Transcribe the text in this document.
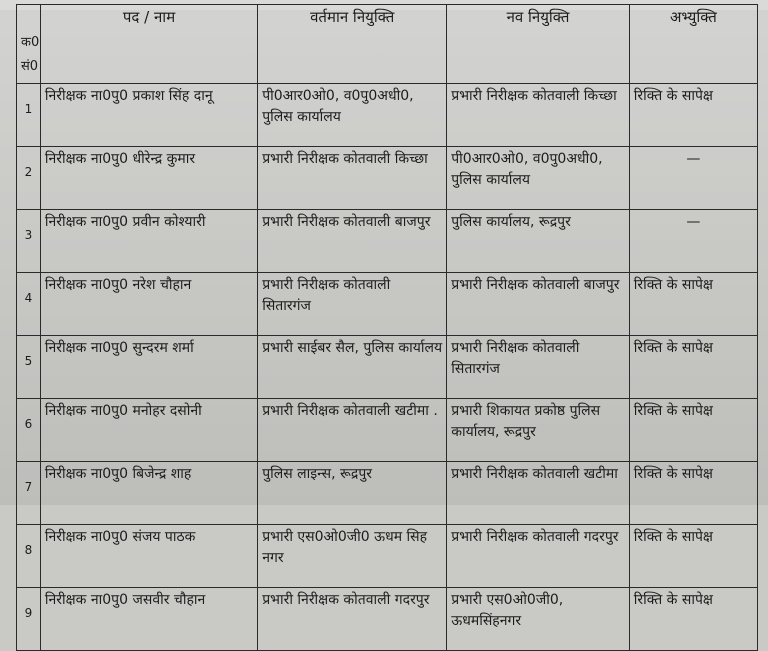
क0
सं0	पद / नाम	वर्तमान नियुक्ति	नव नियुक्ति	अभ्युक्ति
1	निरीक्षक ना0पु0 प्रकाश सिंह दानू	पी0आर0ओ0, व0पु0अधी0, पुलिस कार्यालय	प्रभारी निरीक्षक कोतवाली किच्छा	रिक्ति के सापेक्ष
2	निरीक्षक ना0पु0 धीरेन्द्र कुमार	प्रभारी निरीक्षक कोतवाली किच्छा	पी0आर0ओ0, व0पु0अधी0, पुलिस कार्यालय	—

3	निरीक्षक ना0पु0 प्रवीन कोश्यारी	प्रभारी निरीक्षक कोतवाली बाजपुर	पुलिस कार्यालय, रूद्रपुर	—

4	निरीक्षक ना0पु0 नरेश चौहान	प्रभारी निरीक्षक कोतवाली सितारगंज	प्रभारी निरीक्षक कोतवाली बाजपुर	रिक्ति के सापेक्ष
5	निरीक्षक ना0पु0 सुन्दरम शर्मा	प्रभारी साईबर सैल, पुलिस कार्यालय	प्रभारी निरीक्षक कोतवाली सितारगंज	रिक्ति के सापेक्ष
6	निरीक्षक ना0पु0 मनोहर दसोनी	प्रभारी निरीक्षक कोतवाली खटीमा .	प्रभारी शिकायत प्रकोष्ठ पुलिस कार्यालय, रूद्रपुर	रिक्ति के सापेक्ष
7	निरीक्षक ना0पु0 बिजेन्द्र शाह	पुलिस लाइन्स, रूद्रपुर	प्रभारी निरीक्षक कोतवाली खटीमा	रिक्ति के सापेक्ष
8	निरीक्षक ना0पु0 संजय पाठक	प्रभारी एस0ओ0जी0 ऊधम सिह नगर	प्रभारी निरीक्षक कोतवाली गदरपुर	रिक्ति के सापेक्ष
9	निरीक्षक ना0पु0 जसवीर चौहान	प्रभारी निरीक्षक कोतवाली गदरपुर	प्रभारी एस0ओ0जी0, ऊधमसिंहनगर	रिक्ति के सापेक्ष
